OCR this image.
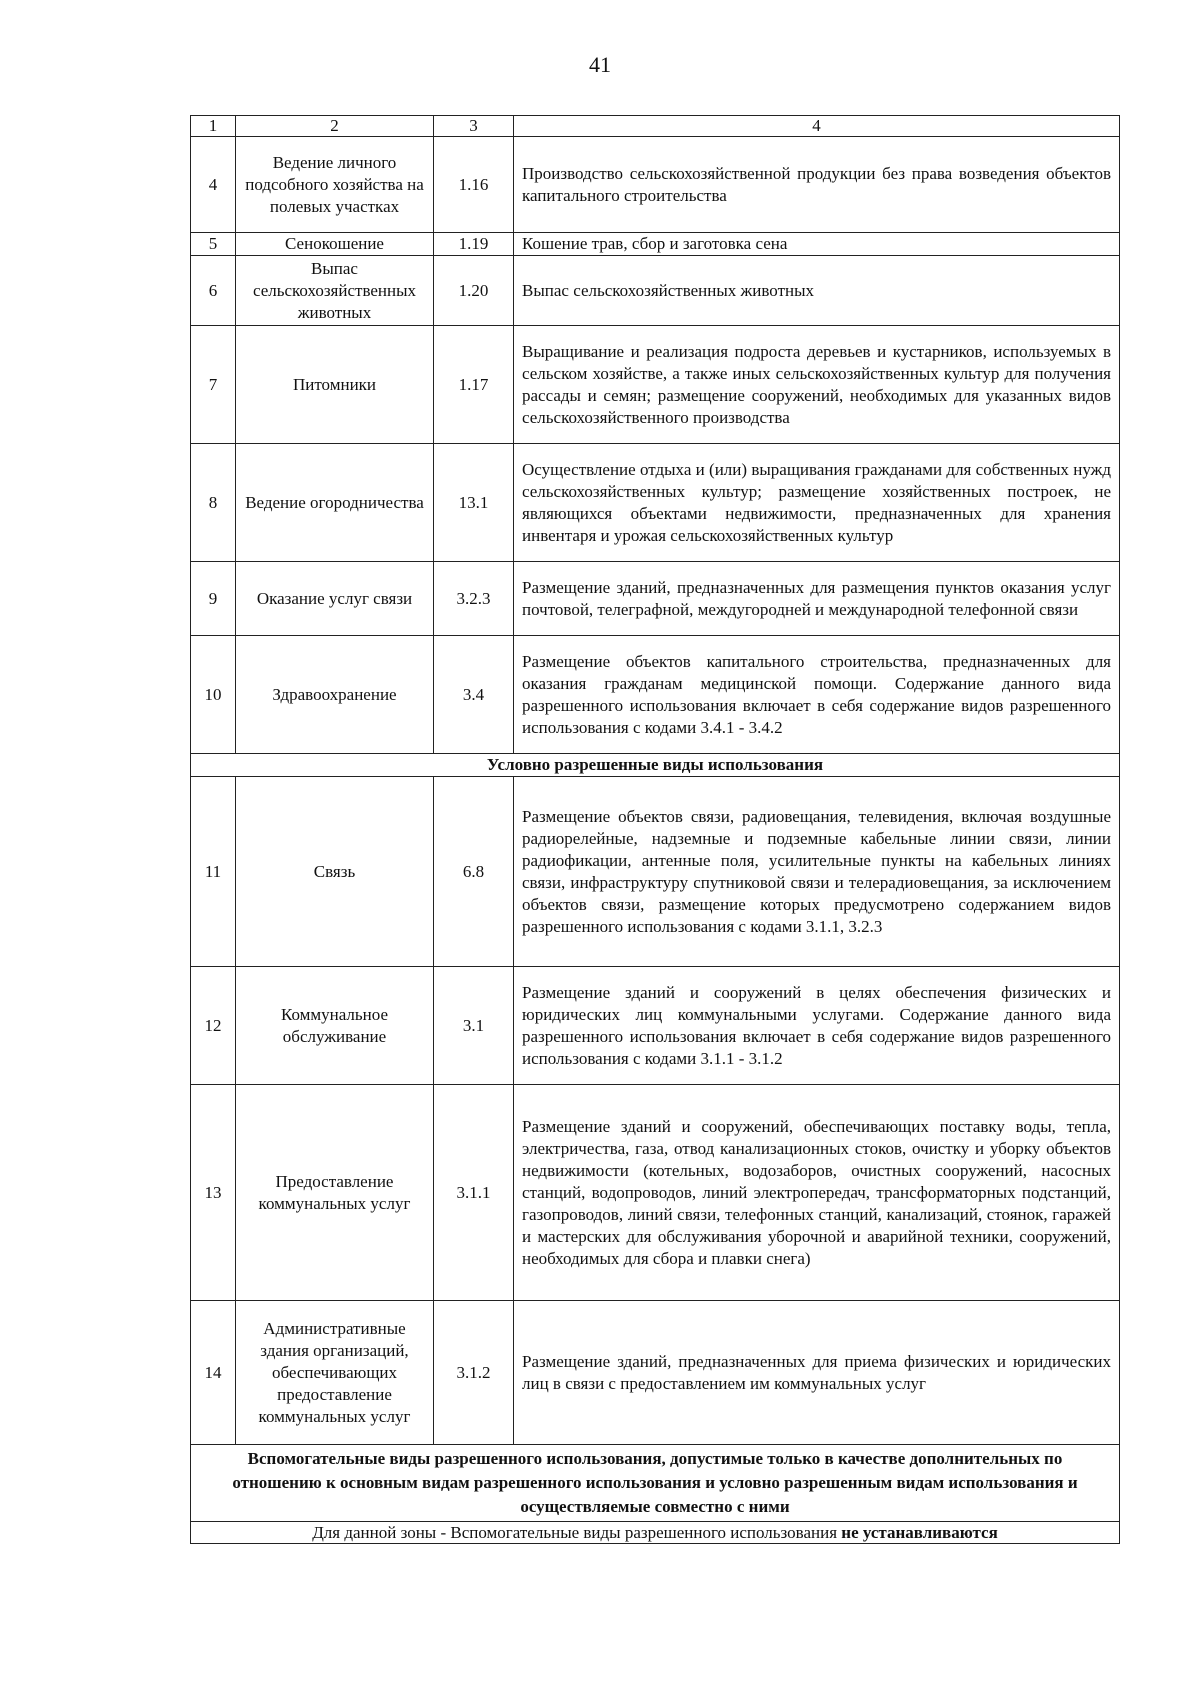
41
1	2	3	4
4	Ведение личного подсобного хозяйства на полевых участках	1.16	Производство сельскохозяйственной продукции без права возведения объектов капитального строительства

5	Сенокошение	1.19	Кошение трав, сбор и заготовка сена

6	Выпас сельскохозяйственных животных	1.20	Выпас сельскохозяйственных животных

7	Питомники	1.17	Выращивание и реализация подроста деревьев и кустарников, используемых в сельском хозяйстве, а также иных сельскохозяйственных культур для получения рассады и семян; размещение сооружений, необходимых для указанных видов сельскохозяйственного производства

8	Ведение огородничества	13.1	Осуществление отдыха и (или) выращивания гражданами для собственных нужд сельскохозяйственных культур; размещение хозяйственных построек, не являющихся объектами недвижимости, предназначенных для хранения инвентаря и урожая сельскохозяйственных культур

9	Оказание услуг связи	3.2.3	Размещение зданий, предназначенных для размещения пунктов оказания услуг почтовой, телеграфной, междугородней и международной телефонной связи

10	Здравоохранение	3.4	Размещение объектов капитального строительства, предназначенных для оказания гражданам медицинской помощи. Содержание данного вида разрешенного использования включает в себя содержание видов разрешенного использования с кодами 3.4.1 - 3.4.2

Условно разрешенные виды использования			
11	Связь	6.8	Размещение объектов связи, радиовещания, телевидения, включая воздушные радиорелейные, надземные и подземные кабельные линии связи, линии радиофикации, антенные поля, усилительные пункты на кабельных линиях связи, инфраструктуру спутниковой связи и телерадиовещания, за исключением объектов связи, размещение которых предусмотрено содержанием видов разрешенного использования с кодами 3.1.1, 3.2.3

12	Коммунальное обслуживание	3.1	Размещение зданий и сооружений в целях обеспечения физических и юридических лиц коммунальными услугами. Содержание данного вида разрешенного использования включает в себя содержание видов разрешенного использования с кодами 3.1.1 - 3.1.2

13	Предоставление коммунальных услуг	3.1.1	Размещение зданий и сооружений, обеспечивающих поставку воды, тепла, электричества, газа, отвод канализационных стоков, очистку и уборку объектов недвижимости (котельных, водозаборов, очистных сооружений, насосных станций, водопроводов, линий электропередач, трансформаторных подстанций, газопроводов, линий связи, телефонных станций, канализаций, стоянок, гаражей и мастерских для обслуживания уборочной и аварийной техники, сооружений, необходимых для сбора и плавки снега)

14	Административные здания организаций, обеспечивающих предоставление коммунальных услуг	3.1.2	Размещение зданий, предназначенных для приема физических и юридических лиц в связи с предоставлением им коммунальных услуг

Вспомогательные виды разрешенного использования, допустимые только в качестве дополнительных по отношению к основным видам разрешенного использования и условно разрешенным видам использования и осуществляемые совместно с ними			
Для данной зоны - Вспомогательные виды разрешенного использования не устанавливаются			
